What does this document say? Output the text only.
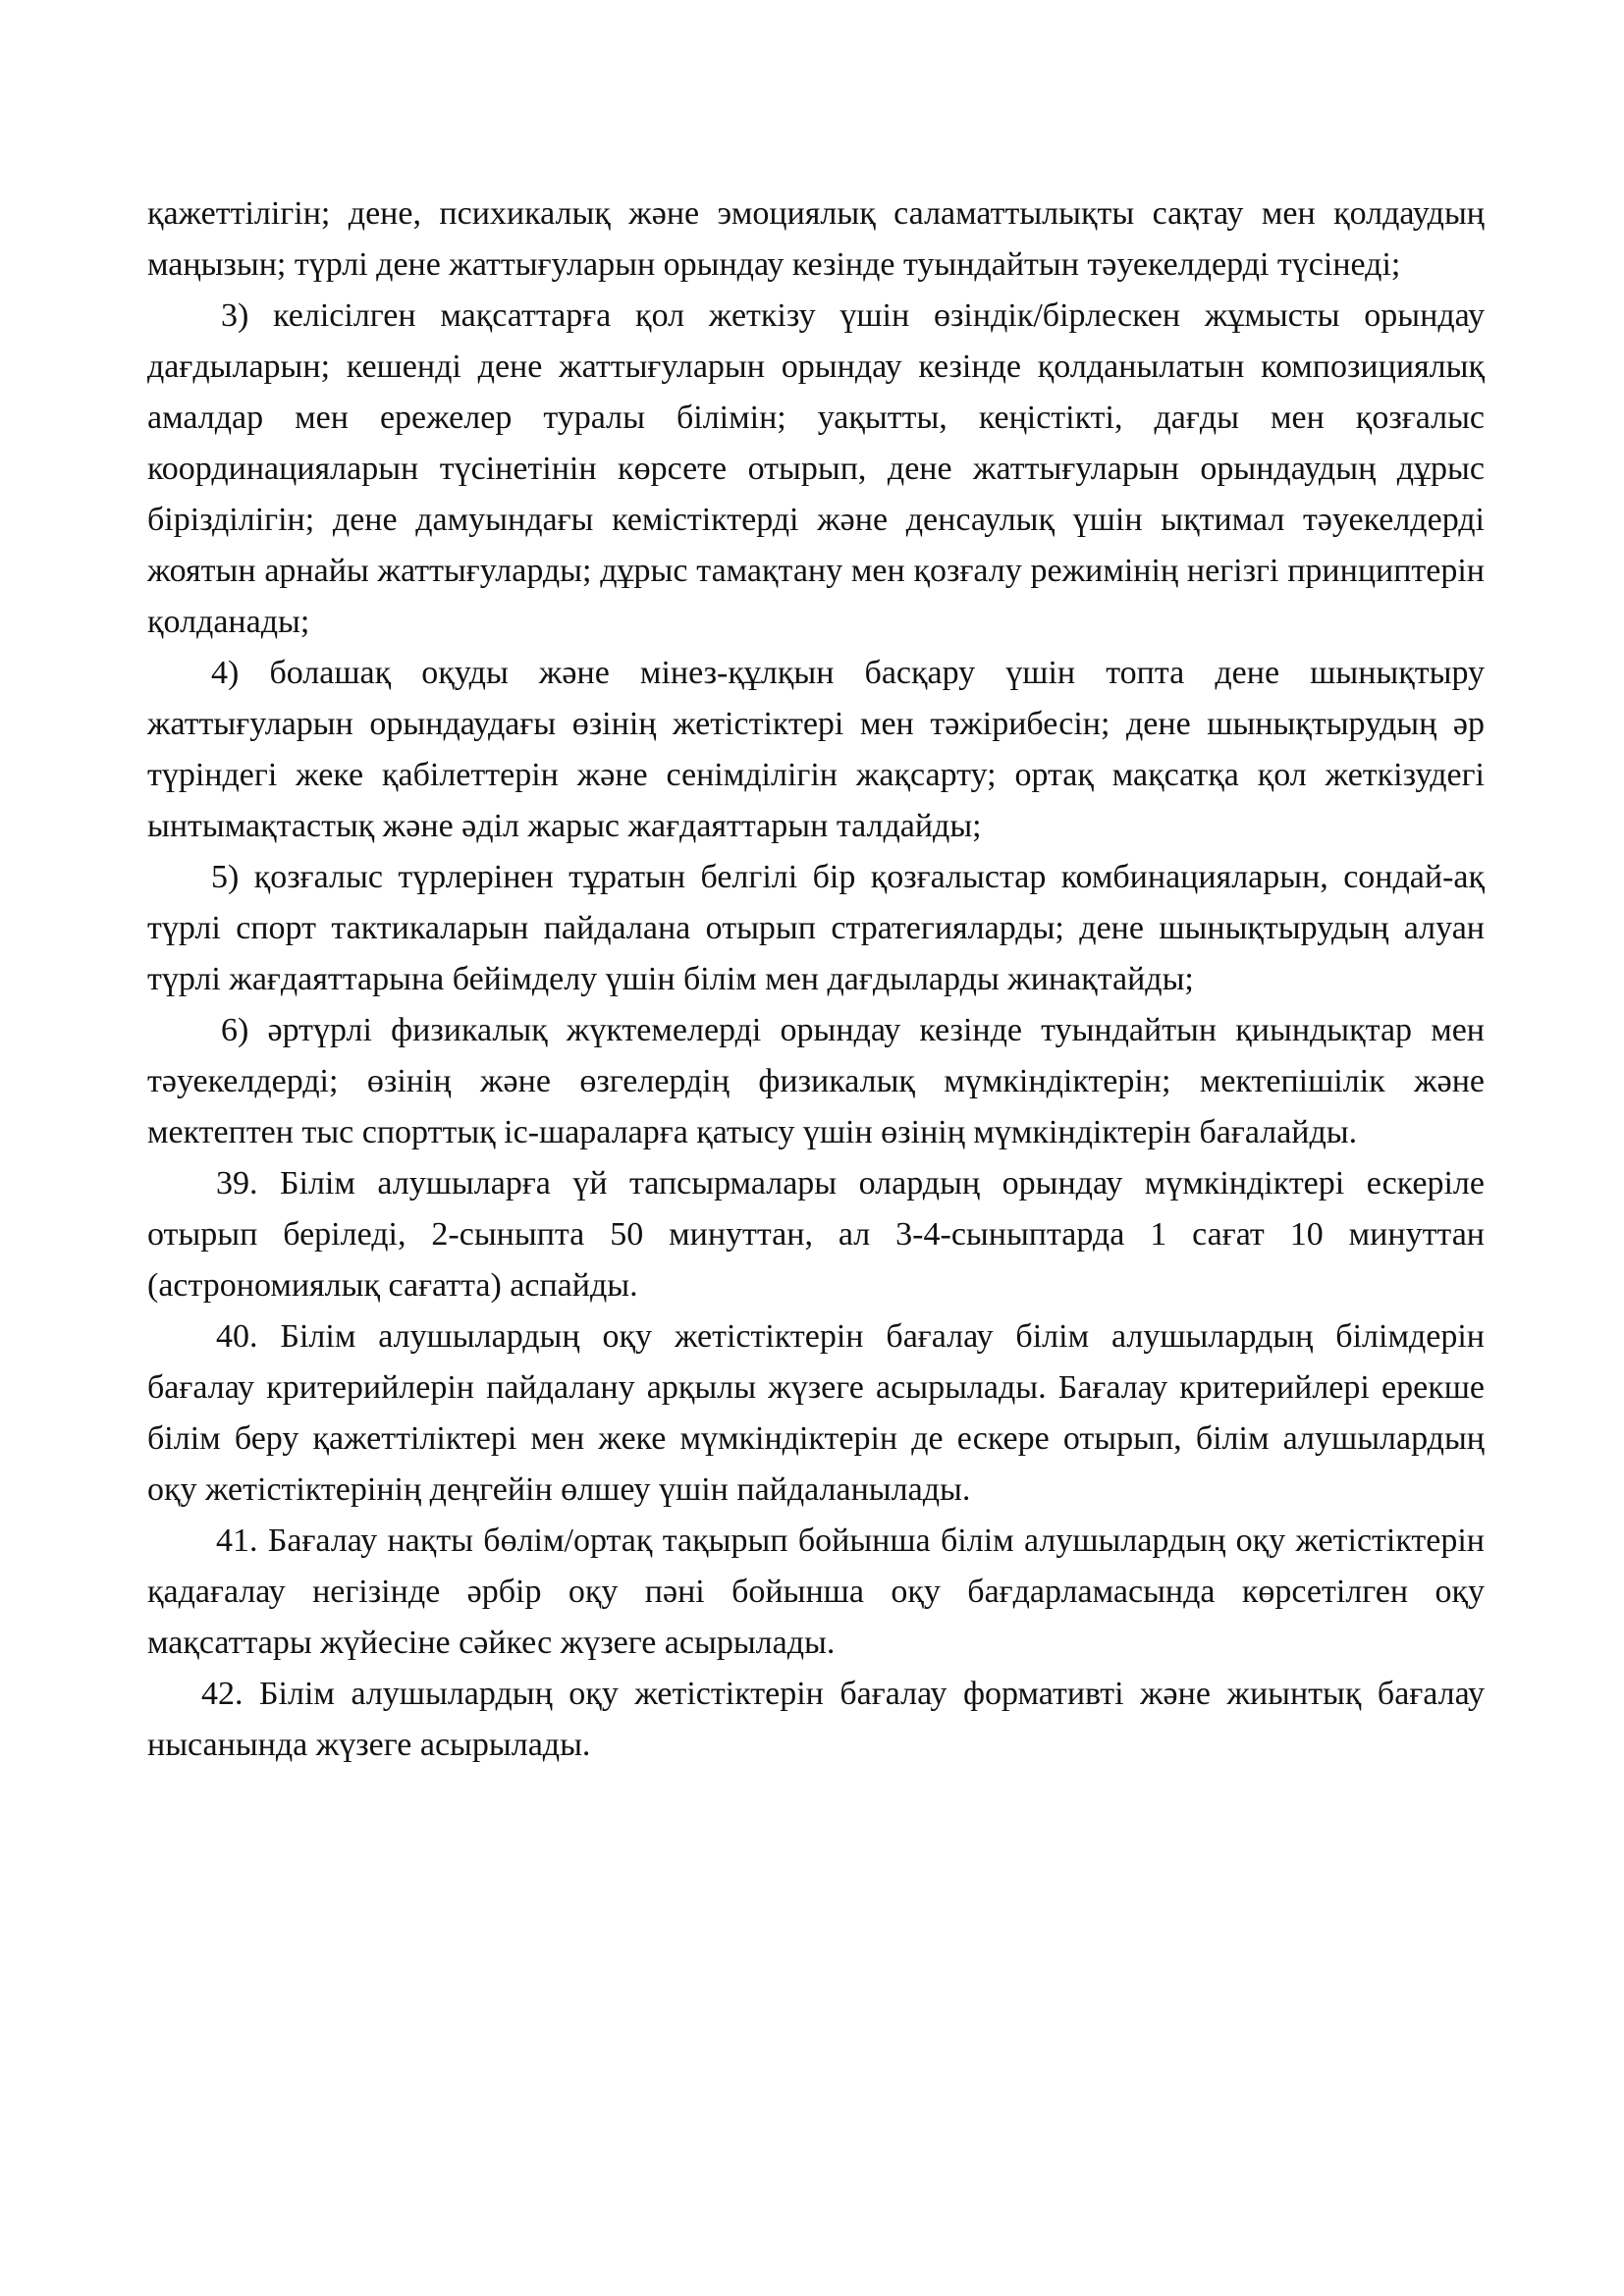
қажеттілігін; дене, психикалық және эмоциялық саламаттылықты сақтау мен қолдаудың маңызын; түрлі дене жаттығуларын орындау кезінде туындайтын тәуекелдерді түсінеді;

3) келісілген мақсаттарға қол жеткізу үшін өзіндік/бірлескен жұмысты орындау дағдыларын; кешенді дене жаттығуларын орындау кезінде қолданылатын композициялық амалдар мен ережелер туралы білімін; уақытты, кеңістікті, дағды мен қозғалыс координацияларын түсінетінін көрсете отырып, дене жаттығуларын орындаудың дұрыс бірізділігін; дене дамуындағы кемістіктерді және денсаулық үшін ықтимал тәуекелдерді жоятын арнайы жаттығуларды; дұрыс тамақтану мен қозғалу режимінің негізгі принциптерін қолданады;

4) болашақ оқуды және мінез-құлқын басқару үшін топта дене шынықтыру жаттығуларын орындаудағы өзінің жетістіктері мен тәжірибесін; дене шынықтырудың әр түріндегі жеке қабілеттерін және сенімділігін жақсарту; ортақ мақсатқа қол жеткізудегі ынтымақтастық және әділ жарыс жағдаяттарын талдайды;

5) қозғалыс түрлерінен тұратын белгілі бір қозғалыстар комбинацияларын, сондай-ақ түрлі спорт тактикаларын пайдалана отырып стратегияларды; дене шынықтырудың алуан түрлі жағдаяттарына бейімделу үшін білім мен дағдыларды жинақтайды;

6) әртүрлі физикалық жүктемелерді орындау кезінде туындайтын қиындықтар мен тәуекелдерді; өзінің және өзгелердің физикалық мүмкіндіктерін; мектепішілік және мектептен тыс спорттық іс-шараларға қатысу үшін өзінің мүмкіндіктерін бағалайды.

39. Білім алушыларға үй тапсырмалары олардың орындау мүмкіндіктері ескеріле отырып беріледі, 2-сыныпта 50 минуттан, ал 3-4-сыныптарда 1 сағат 10 минуттан (астрономиялық сағатта) аспайды.

40. Білім алушылардың оқу жетістіктерін бағалау білім алушылардың білімдерін бағалау критерийлерін пайдалану арқылы жүзеге асырылады. Бағалау критерийлері ерекше білім беру қажеттіліктері мен жеке мүмкіндіктерін де ескере отырып, білім алушылардың оқу жетістіктерінің деңгейін өлшеу үшін пайдаланылады.

41. Бағалау нақты бөлім/ортақ тақырып бойынша білім алушылардың оқу жетістіктерін қадағалау негізінде әрбір оқу пәні бойынша оқу бағдарламасында көрсетілген оқу мақсаттары жүйесіне сәйкес жүзеге асырылады.

42. Білім алушылардың оқу жетістіктерін бағалау формативті және жиынтық бағалау нысанында жүзеге асырылады.
